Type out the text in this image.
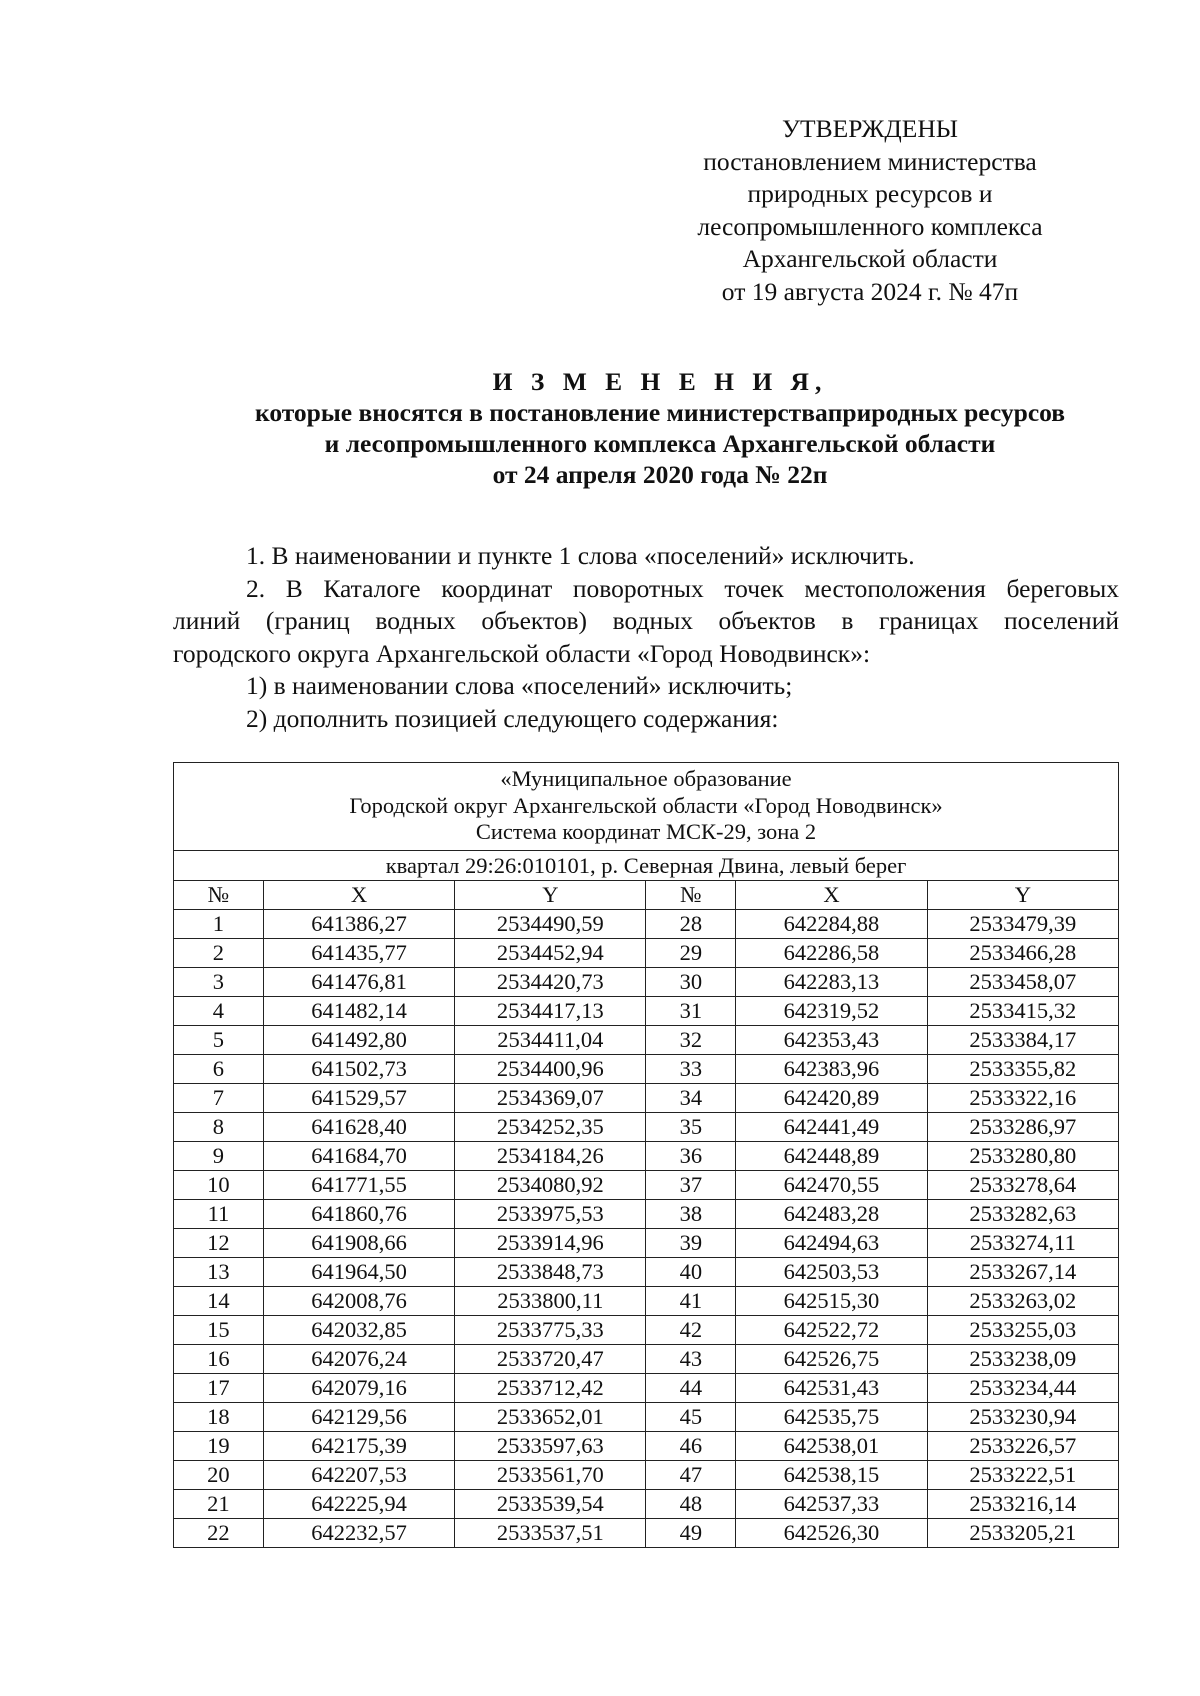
УТВЕРЖДЕНЫ
постановлением министерства
природных ресурсов и
лесопромышленного комплекса
Архангельской области
от 19 августа 2024 г. № 47п
И З М Е Н Е Н И Я,
которые вносятся в постановление министерствaприродных ресурсов
и лесопромышленного комплекса Архангельской области
от 24 апреля 2020 года № 22п
1. В наименовании и пункте 1 слова «поселений» исключить.
2. В Каталоге координат поворотных точек местоположения береговых
линий (границ водных объектов) водных объектов в границах поселений
городского округа Архангельской области «Город Новодвинск»:
1) в наименовании слова «поселений» исключить;
2) дополнить позицией следующего содержания:
«Муниципальное образование
Городской округ Архангельской области «Город Новодвинск»
Система координат МСК-29, зона 2					

квартал 29:26:010101, р. Северная Двина, левый берег					
№	X	Y	№	X	Y
1	641386,27	2534490,59	28	642284,88	2533479,39
2	641435,77	2534452,94	29	642286,58	2533466,28
3	641476,81	2534420,73	30	642283,13	2533458,07
4	641482,14	2534417,13	31	642319,52	2533415,32
5	641492,80	2534411,04	32	642353,43	2533384,17
6	641502,73	2534400,96	33	642383,96	2533355,82
7	641529,57	2534369,07	34	642420,89	2533322,16
8	641628,40	2534252,35	35	642441,49	2533286,97
9	641684,70	2534184,26	36	642448,89	2533280,80
10	641771,55	2534080,92	37	642470,55	2533278,64
11	641860,76	2533975,53	38	642483,28	2533282,63
12	641908,66	2533914,96	39	642494,63	2533274,11
13	641964,50	2533848,73	40	642503,53	2533267,14
14	642008,76	2533800,11	41	642515,30	2533263,02
15	642032,85	2533775,33	42	642522,72	2533255,03
16	642076,24	2533720,47	43	642526,75	2533238,09
17	642079,16	2533712,42	44	642531,43	2533234,44
18	642129,56	2533652,01	45	642535,75	2533230,94
19	642175,39	2533597,63	46	642538,01	2533226,57
20	642207,53	2533561,70	47	642538,15	2533222,51
21	642225,94	2533539,54	48	642537,33	2533216,14
22	642232,57	2533537,51	49	642526,30	2533205,21
